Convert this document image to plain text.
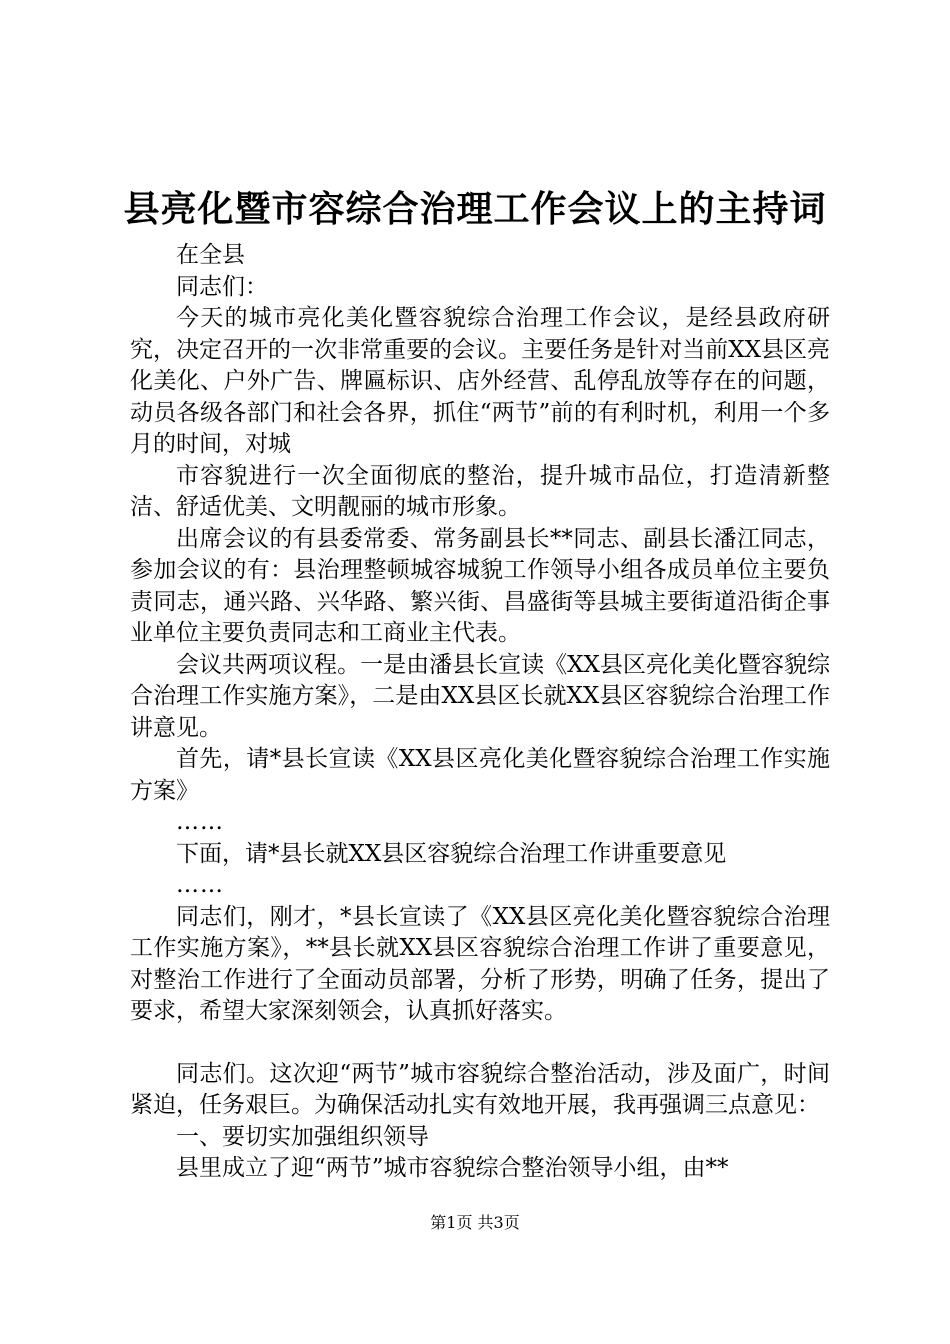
县亮化暨市容综合治理工作会议上的主持词

在全县

同志们：

今天的城市亮化美化暨容貌综合治理工作会议，是经县政府研究，决定召开的一次非常重要的会议。主要任务是针对当前XX县区亮化美化、户外广告、牌匾标识、店外经营、乱停乱放等存在的问题，动员各级各部门和社会各界，抓住“两节”前的有利时机，利用一个多月的时间，对城

市容貌进行一次全面彻底的整治，提升城市品位，打造清新整洁、舒适优美、文明靓丽的城市形象。

出席会议的有县委常委、常务副县长**同志、副县长潘江同志，参加会议的有：县治理整顿城容城貌工作领导小组各成员单位主要负责同志，通兴路、兴华路、繁兴街、昌盛街等县城主要街道沿街企事业单位主要负责同志和工商业主代表。

会议共两项议程。一是由潘县长宣读《XX县区亮化美化暨容貌综合治理工作实施方案》，二是由XX县区长就XX县区容貌综合治理工作讲意见。

首先，请*县长宣读《XX县区亮化美化暨容貌综合治理工作实施方案》

……

下面，请*县长就XX县区容貌综合治理工作讲重要意见

……

同志们，刚才，*县长宣读了《XX县区亮化美化暨容貌综合治理工作实施方案》，**县长就XX县区容貌综合治理工作讲了重要意见，对整治工作进行了全面动员部署，分析了形势，明确了任务，提出了要求，希望大家深刻领会，认真抓好落实。

同志们。这次迎“两节”城市容貌综合整治活动，涉及面广，时间紧迫，任务艰巨。为确保活动扎实有效地开展，我再强调三点意见：

一、要切实加强组织领导

县里成立了迎“两节”城市容貌综合整治领导小组，由**

第1页 共3页
